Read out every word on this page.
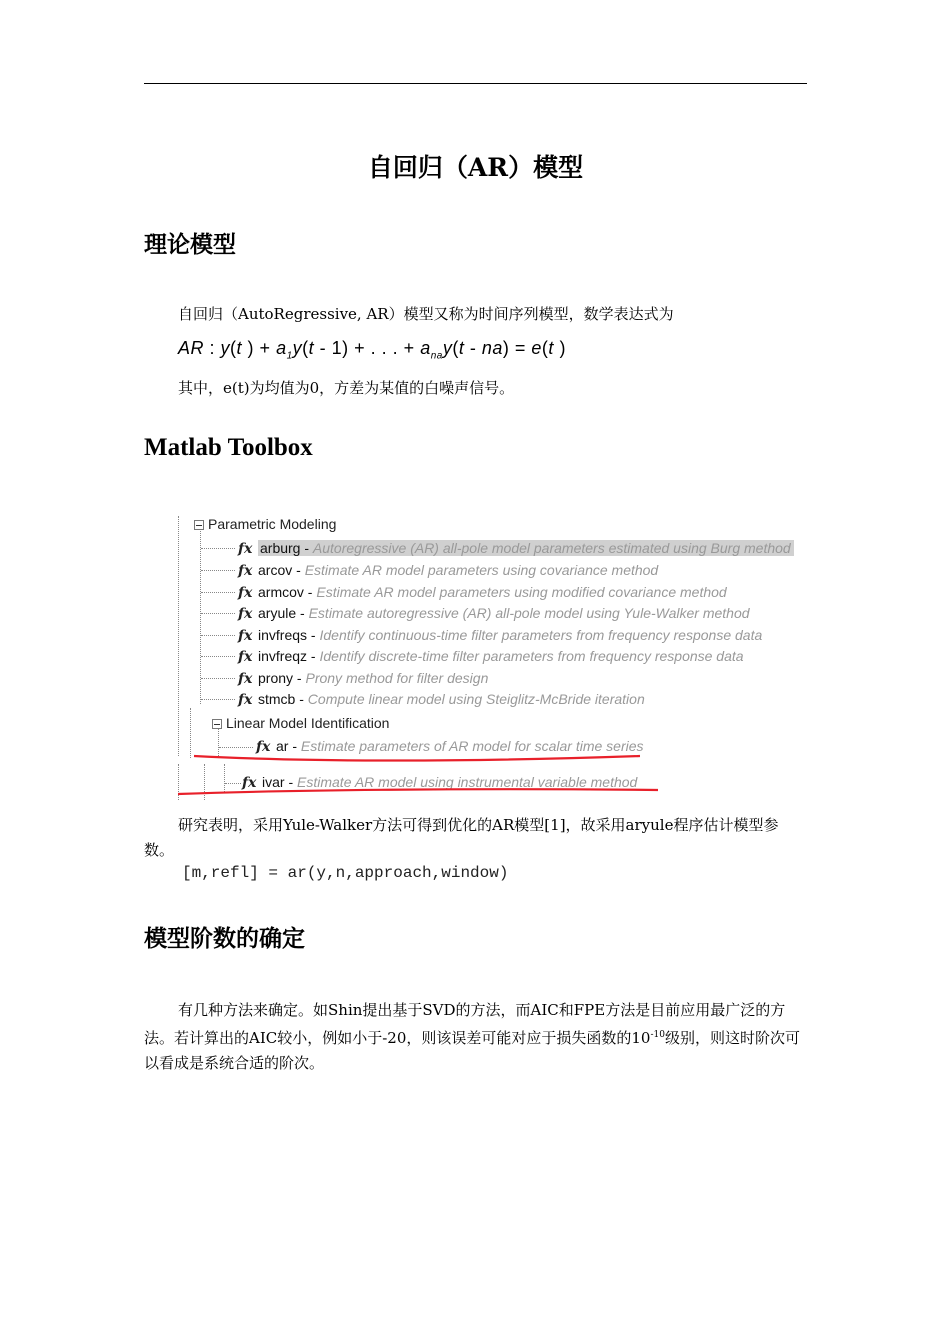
自回归（AR）模型
理论模型
自回归（AutoRegressive, AR）模型又称为时间序列模型，数学表达式为
AR : y(t ) + $a_1y(t - 1)$ + . . . + $a_{na}y(t - na) = e(t$ )
其中，e(t)为均值为0，方差为某值的白噪声信号。
Matlab Toolbox
Parametric Modeling
fx arburg - Autoregressive (AR) all-pole model parameters estimated using Burg method
fx arcov - Estimate AR model parameters using covariance method
fx armcov - Estimate AR model parameters using modified covariance method
fx aryule - Estimate autoregressive (AR) all-pole model using Yule-Walker method
fx invfreqs - Identify continuous-time filter parameters from frequency response data
fx invfreqz - Identify discrete-time filter parameters from frequency response data
fx prony - Prony method for filter design
fx stmcb - Compute linear model using Steiglitz-McBride iteration
Linear Model Identification
fx ar - Estimate parameters of AR model for scalar time series
fx ivar - Estimate AR model using instrumental variable method
研究表明，采用Yule-Walker方法可得到优化的AR模型[1]，故采用aryule程序估计模型参数。
[m,refl] = ar(y,n,approach,window)
模型阶数的确定
有几种方法来确定。如Shin提出基于SVD的方法，而AIC和FPE方法是目前应用最广泛的方法。若计算出的AIC较小，例如小于-20，则该误差可能对应于损失函数的$10^{-10}$级别，则这时阶次可以看成是系统合适的阶次。
